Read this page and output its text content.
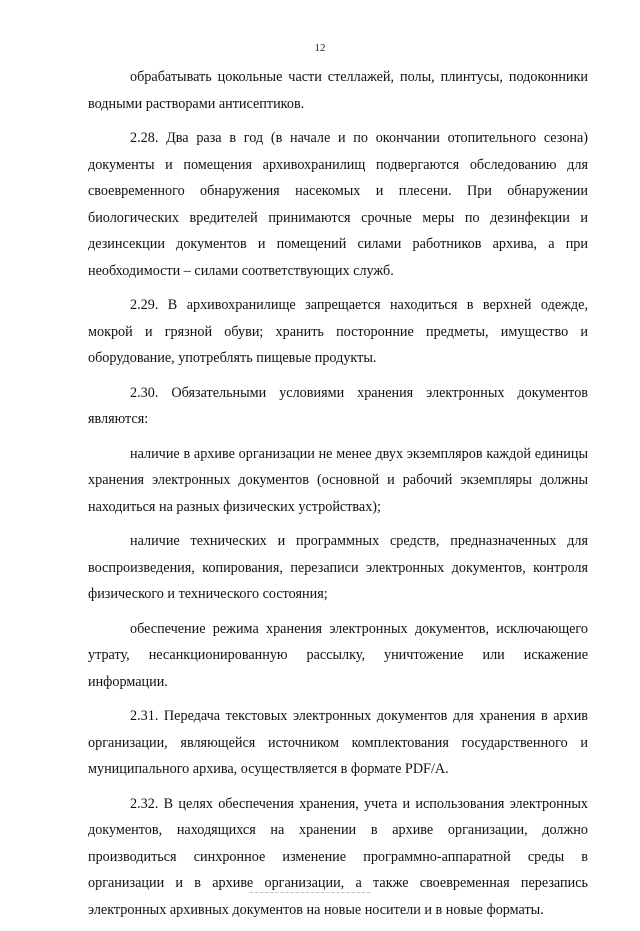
12

обрабатывать цокольные части стеллажей, полы, плинтусы, подоконники водными растворами антисептиков.

2.28. Два раза в год (в начале и по окончании отопительного сезона) документы и помещения архивохранилищ подвергаются обследованию для своевременного обнаружения насекомых и плесени. При обнаружении биологических вредителей принимаются срочные меры по дезинфекции и дезинсекции документов и помещений силами работников архива, а при необходимости – силами соответствующих служб.

2.29. В архивохранилище запрещается находиться в верхней одежде, мокрой и грязной обуви; хранить посторонние предметы, имущество и оборудование, употреблять пищевые продукты.

2.30. Обязательными условиями хранения электронных документов являются:

наличие в архиве организации не менее двух экземпляров каждой единицы хранения электронных документов (основной и рабочий экземпляры должны находиться на разных физических устройствах);

наличие технических и программных средств, предназначенных для воспроизведения, копирования, перезаписи электронных документов, контроля физического и технического состояния;

обеспечение режима хранения электронных документов, исключающего утрату, несанкционированную рассылку, уничтожение или искажение информации.

2.31. Передача текстовых электронных документов для хранения в архив организации, являющейся источником комплектования государственного и муниципального архива, осуществляется в формате PDF/A.

2.32. В целях обеспечения хранения, учета и использования электронных документов, находящихся на хранении в архиве организации, должно производиться синхронное изменение программно-аппаратной среды в организации и в архиве организации, а также своевременная перезапись электронных архивных документов на новые носители и в новые форматы.
